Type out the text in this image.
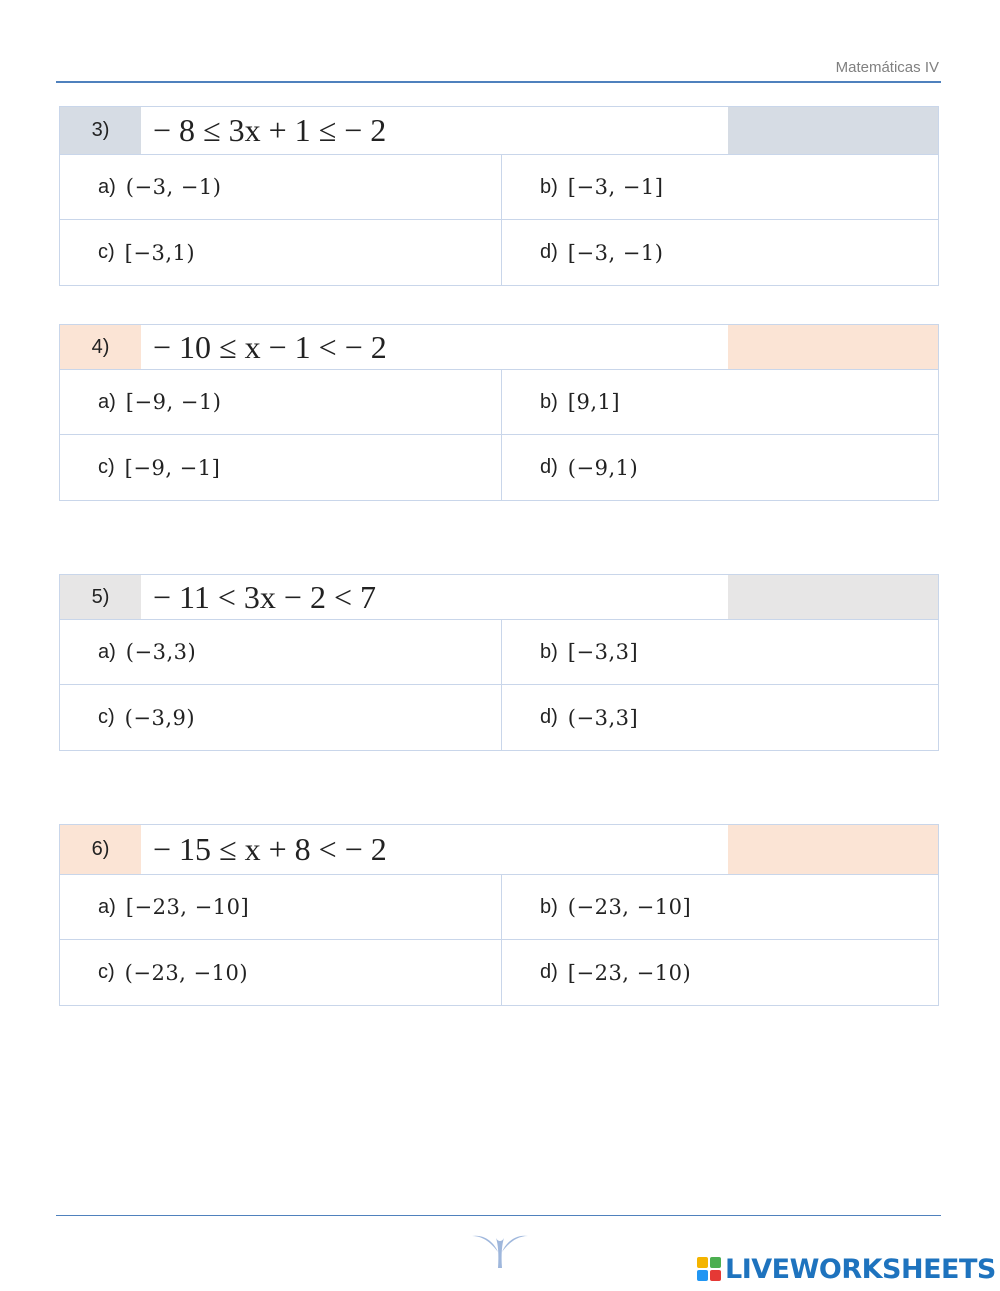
Matemáticas IV
3)	− 8 ≤ 3x + 1 ≤ − 2
a) (−3, −1)	b) [−3, −1]
c) [−3,1)	d) [−3, −1)
4)	− 10 ≤ x − 1 < − 2
a) [−9, −1)	b) [9,1]
c) [−9, −1]	d) (−9,1)
5)	− 11 < 3x − 2 < 7
a) (−3,3)	b) [−3,3]
c) (−3,9)	d) (−3,3]
6)	− 15 ≤ x + 8 < − 2
a) [−23, −10]	b) (−23, −10]
c) (−23, −10)	d) [−23, −10)
LIVEWORKSHEETS
